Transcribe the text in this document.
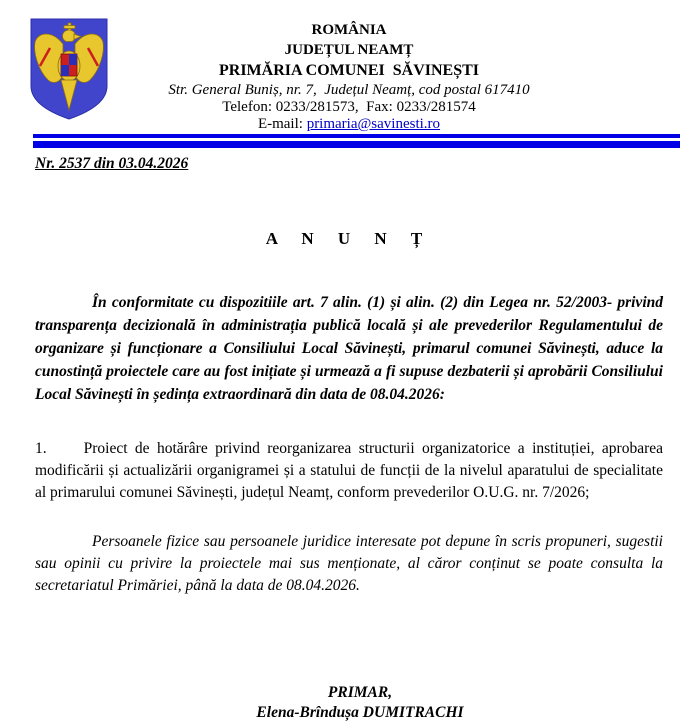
ROMÂNIA
JUDEȚUL NEAMȚ
PRIMĂRIA COMUNEI  SĂVINEȘTI
Str. General Buniș, nr. 7,  Județul Neamț, cod postal 617410
Telefon: 0233/281573,  Fax: 0233/281574
E-mail: primaria@savinesti.ro
Nr. 2537 din 03.04.2026
A N U N Ț

În conformitate cu dispozitiile art. 7 alin. (1) și alin. (2) din Legea nr. 52/2003- privind transparența decizională în administrația publică locală și ale prevederilor Regulamentului de organizare și funcționare a Consiliului Local Săvinești, primarul comunei Săvinești, aduce la cunostință proiectele care au fost inițiate și urmează a fi supuse dezbaterii și aprobării Consiliului Local Săvinești în ședința extraordinară din data de 08.04.2026:

1. Proiect de hotărâre privind reorganizarea structurii organizatorice a instituției, aprobarea modificării și actualizării organigramei și a statului de funcții de la nivelul aparatului de specialitate al primarului comunei Săvinești, județul Neamț, conform prevederilor O.U.G. nr. 7/2026;

Persoanele fizice sau persoanele juridice interesate pot depune în scris propuneri, sugestii sau opinii cu privire la proiectele mai sus menționate, al căror conținut se poate consulta la secretariatul Primăriei, până la data de 08.04.2026.

PRIMAR,
Elena-Brîndușa DUMITRACHI
